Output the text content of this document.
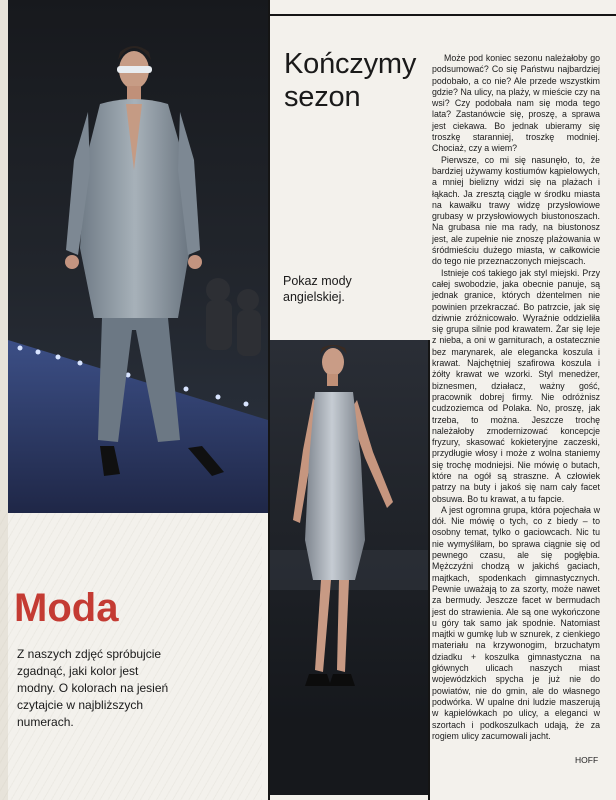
Kończymy sezon

Pokaz mody angielskiej.

Moda

Z naszych zdjęć spróbujcie zgadnąć, jaki kolor jest modny. O kolorach na jesień czytajcie w najbliższych numerach.

Może pod koniec sezonu należałoby go podsumować? Co się Państwu najbardziej podobało, a co nie? Ale przede wszystkim gdzie? Na ulicy, na plaży, w mieście czy na wsi? Czy podobała nam się moda tego lata? Zastanówcie się, proszę, a sprawa jest ciekawa. Bo jednak ubieramy się troszkę staranniej, troszkę modniej. Chociaż, czy a wiem?

Pierwsze, co mi się nasunęło, to, że bardziej używamy kostiumów kąpielowych, a mniej bielizny widzi się na plażach i łąkach. Ja zresztą ciągle w środku miasta na kawałku trawy widzę przysłowiowe grubasy w przysłowiowych biustonoszach. Na grubasa nie ma rady, na biustonosz jest, ale zupełnie nie znoszę plażowania w śródmieściu dużego miasta, w całkowicie do tego nie przeznaczonych miejscach.

Istnieje coś takiego jak styl miejski. Przy całej swobodzie, jaka obecnie panuje, są jednak granice, których dżentelmen nie powinien przekraczać. Bo patrzcie, jak się dziwnie zróżnicowało. Wyraźnie oddzieliła się grupa silnie pod krawatem. Żar się leje z nieba, a oni w garniturach, a ostatecznie bez marynarek, ale elegancka koszula i krawat. Najchętniej szafirowa koszula i żółty krawat we wzorki. Styl menedżer, biznesmen, działacz, ważny gość, pracownik dobrej firmy. Nie odróżnisz cudzoziemca od Polaka. No, proszę, jak trzeba, to można. Jeszcze trochę należałoby zmodernizować koncepcje fryzury, skasować kokieteryjne zaczeski, przydługie włosy i może z wolna staniemy się trochę modniejsi. Nie mówię o butach, które na ogół są straszne. A człowiek patrzy na buty i jakoś się nam cały facet obsuwa. Bo tu krawat, a tu fapcie.

A jest ogromna grupa, która pojechała w dół. Nie mówię o tych, co z biedy – to osobny temat, tylko o gaciowcach. Nic tu nie wymyśliłam, bo sprawa ciągnie się od pewnego czasu, ale się pogłębia. Mężczyźni chodzą w jakichś gaciach, majtkach, spodenkach gimnastycznych. Pewnie uważają to za szorty, może nawet za bermudy. Jeszcze facet w bermudach jest do strawienia. Ale są one wykończone u góry tak samo jak spodnie. Natomiast majtki w gumkę lub w sznurek, z cienkiego materiału na krzywonogim, brzuchatym dziadku + koszulka gimnastyczna na głównych ulicach naszych miast wojewódzkich spycha je już nie do powiatów, nie do gmin, ale do własnego podwórka. W upalne dni ludzie maszerują w kąpielówkach po ulicy, a eleganci w szortach i podkoszulkach udają, że za rogiem ulicy zacumowali jacht.

HOFF
